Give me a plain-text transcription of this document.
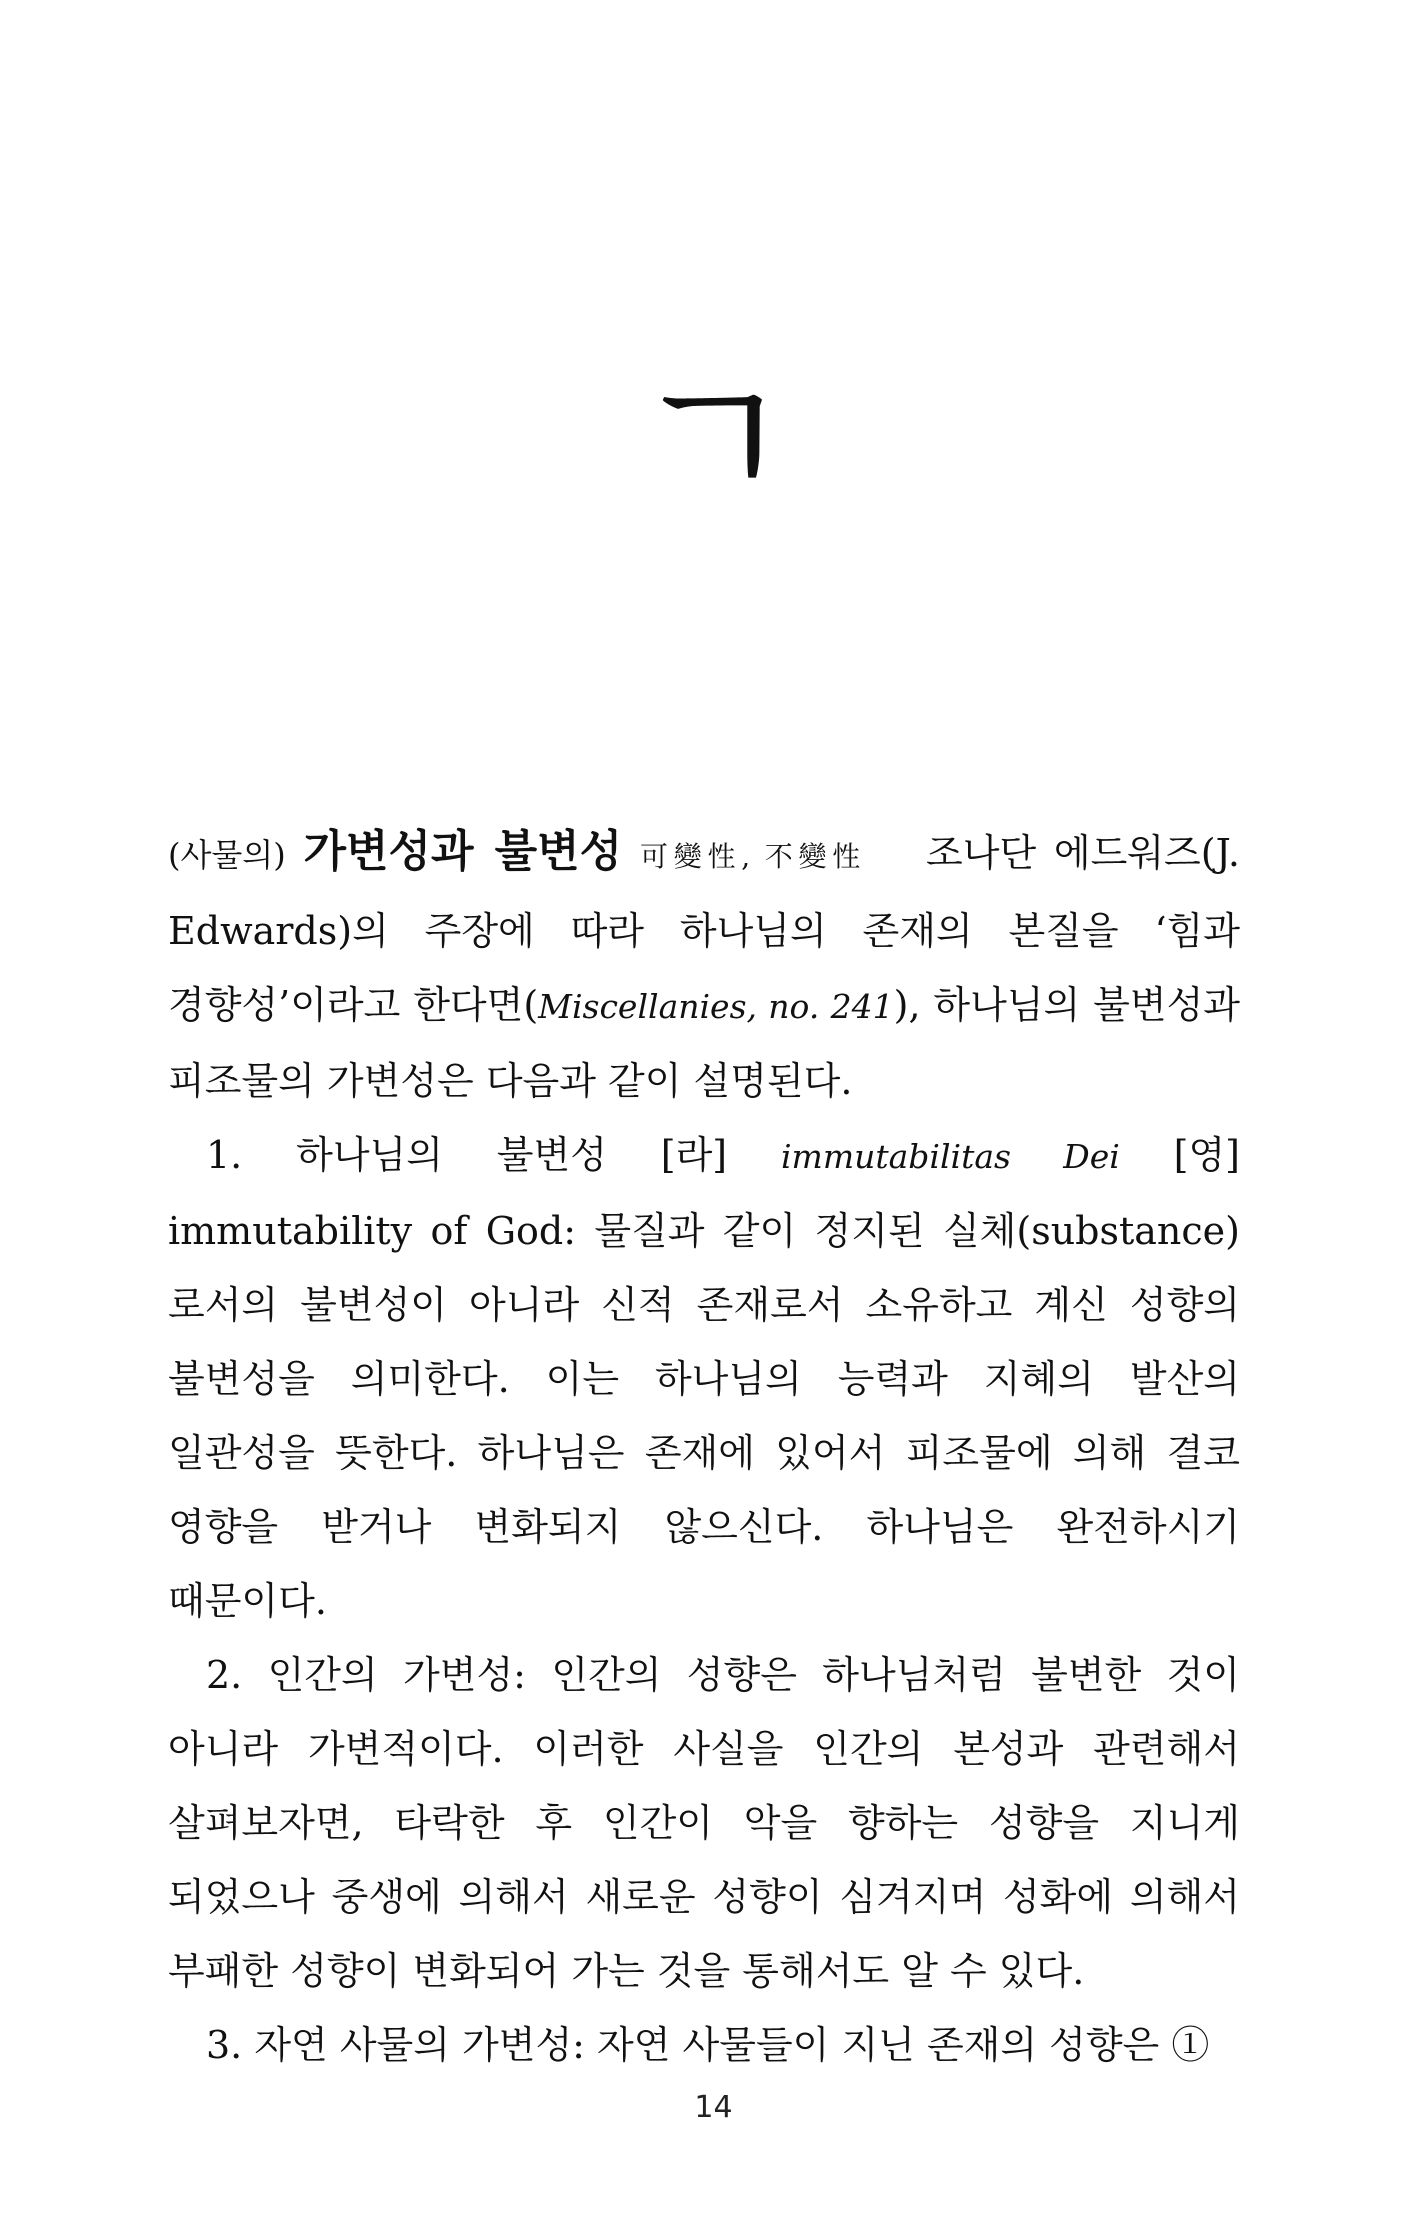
ㄱ

(사물의) 가변성과 불변성 可變性, 不變性 조나단 에드워즈(J. Edwards)의 주장에 따라 하나님의 존재의 본질을 ‘힘과 경향성’이라고 한다면(Miscellanies, no. 241), 하나님의 불변성과 피조물의 가변성은 다음과 같이 설명된다.

1. 하나님의 불변성 [라] immutabilitas Dei [영] immutability of God: 물질과 같이 정지된 실체(substance)로서의 불변성이 아니라 신적 존재로서 소유하고 계신 성향의 불변성을 의미한다. 이는 하나님의 능력과 지혜의 발산의 일관성을 뜻한다. 하나님은 존재에 있어서 피조물에 의해 결코 영향을 받거나 변화되지 않으신다. 하나님은 완전하시기 때문이다.

2. 인간의 가변성: 인간의 성향은 하나님처럼 불변한 것이 아니라 가변적이다. 이러한 사실을 인간의 본성과 관련해서 살펴보자면, 타락한 후 인간이 악을 향하는 성향을 지니게 되었으나 중생에 의해서 새로운 성향이 심겨지며 성화에 의해서 부패한 성향이 변화되어 가는 것을 통해서도 알 수 있다.

3. 자연 사물의 가변성: 자연 사물들이 지닌 존재의 성향은 ①

14
